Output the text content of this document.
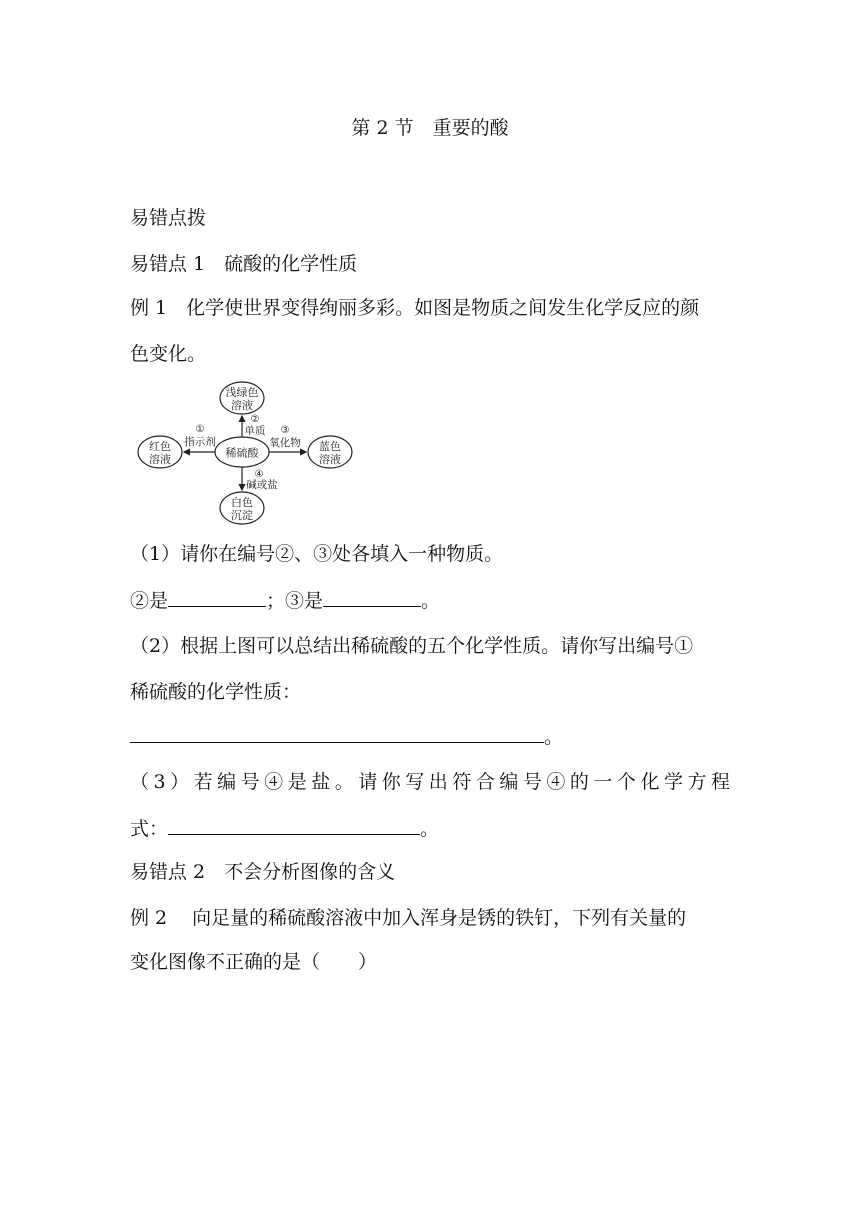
第 2 节　重要的酸
易错点拨
易错点 1　硫酸的化学性质
例 1　化学使世界变得绚丽多彩。如图是物质之间发生化学反应的颜
色变化。
稀硫酸
浅绿色
溶液
红色
溶液
蓝色
溶液
白色
沉淀
①
指示剂
②
单质 ③
氧化物
④
碱或盐
（1）请你在编号②、③处各填入一种物质。
②是	；③是	。
（2）根据上图可以总结出稀硫酸的五个化学性质。请你写出编号①
稀硫酸的化学性质：
。
（3）若编号④是盐。请你写出符合编号④的一个化学方程
式：	。
易错点 2　不会分析图像的含义
例 2　 向足量的稀硫酸溶液中加入浑身是锈的铁钉，下列有关量的
变化图像不正确的是（　　）
